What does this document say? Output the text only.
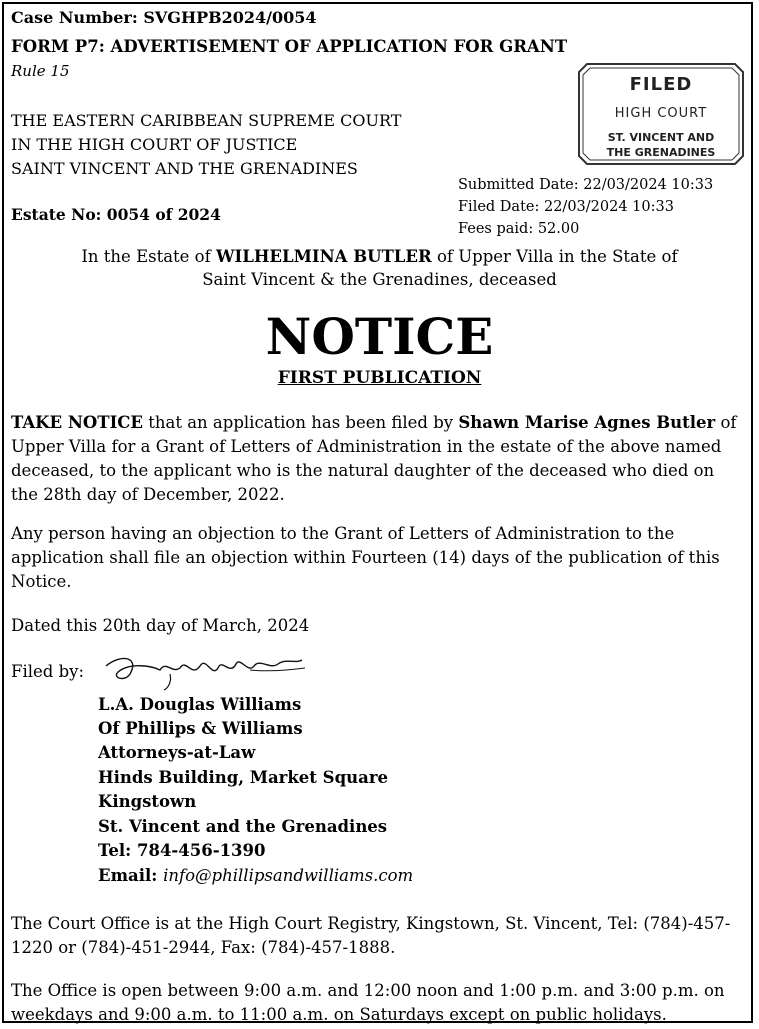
Case Number: SVGHPB2024/0054
FORM P7: ADVERTISEMENT OF APPLICATION FOR GRANT
Rule 15
THE EASTERN CARIBBEAN SUPREME COURT
IN THE HIGH COURT OF JUSTICE
SAINT VINCENT AND THE GRENADINES
Estate No: 0054 of 2024
FILED
HIGH COURT
ST. VINCENT AND
THE GRENADINES
Submitted Date: 22/03/2024 10:33
Filed Date: 22/03/2024 10:33
Fees paid: 52.00
In the Estate of WILHELMINA BUTLER of Upper Villa in the State of
Saint Vincent & the Grenadines, deceased
NOTICE
FIRST PUBLICATION
TAKE NOTICE that an application has been filed by Shawn Marise Agnes Butler of Upper Villa for a Grant of Letters of Administration in the estate of the above named deceased, to the applicant who is the natural daughter of the deceased who died on the 28th day of December, 2022.
Any person having an objection to the Grant of Letters of Administration to the application shall file an objection within Fourteen (14) days of the publication of this Notice.
Dated this 20th day of March, 2024
Filed by:
L.A. Douglas Williams
Of Phillips & Williams
Attorneys-at-Law
Hinds Building, Market Square
Kingstown
St. Vincent and the Grenadines
Tel: 784-456-1390
Email: info@phillipsandwilliams.com
The Court Office is at the High Court Registry, Kingstown, St. Vincent, Tel: (784)-457-1220 or (784)-451-2944, Fax: (784)-457-1888.
The Office is open between 9:00 a.m. and 12:00 noon and 1:00 p.m. and 3:00 p.m. on weekdays and 9:00 a.m. to 11:00 a.m. on Saturdays except on public holidays.
